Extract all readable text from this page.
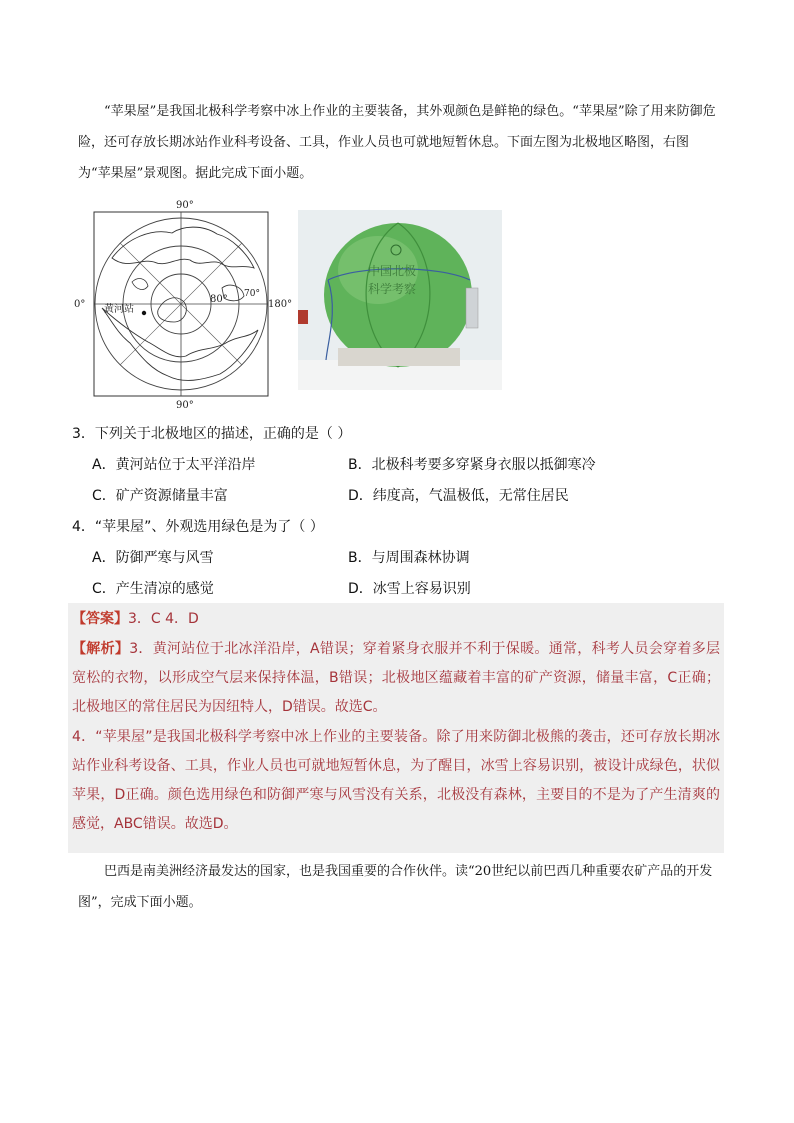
“苹果屋”是我国北极科学考察中冰上作业的主要装备，其外观颜色是鲜艳的绿色。“苹果屋”除了用来防御危险，还可存放长期冰站作业科考设备、工具，作业人员也可就地短暂休息。下面左图为北极地区略图，右图为“苹果屋”景观图。据此完成下面小题。

90°
90°
0°	180°
80° 70°
黄河站
中国北极
科学考察
3．下列关于北极地区的描述，正确的是（ ）
A．黄河站位于太平洋沿岸	B．北极科考要多穿紧身衣服以抵御寒冷
C．矿产资源储量丰富	D．纬度高，气温极低，无常住居民
4．“苹果屋”、外观选用绿色是为了（ ）
A．防御严寒与风雪	B．与周围森林协调
C．产生清凉的感觉	D．冰雪上容易识别
【答案】3．C 4．D

【解析】3．黄河站位于北冰洋沿岸，A错误；穿着紧身衣服并不利于保暖。通常，科考人员会穿着多层宽松的衣物，以形成空气层来保持体温，B错误；北极地区蕴藏着丰富的矿产资源，储量丰富，C正确；北极地区的常住居民为因纽特人，D错误。故选C。

4．“苹果屋”是我国北极科学考察中冰上作业的主要装备。除了用来防御北极熊的袭击，还可存放长期冰站作业科考设备、工具，作业人员也可就地短暂休息，为了醒目，冰雪上容易识别，被设计成绿色，状似苹果，D正确。颜色选用绿色和防御严寒与风雪没有关系，北极没有森林，主要目的不是为了产生清爽的感觉，ABC错误。故选D。

巴西是南美洲经济最发达的国家，也是我国重要的合作伙伴。读“20世纪以前巴西几种重要农矿产品的开发图”，完成下面小题。
